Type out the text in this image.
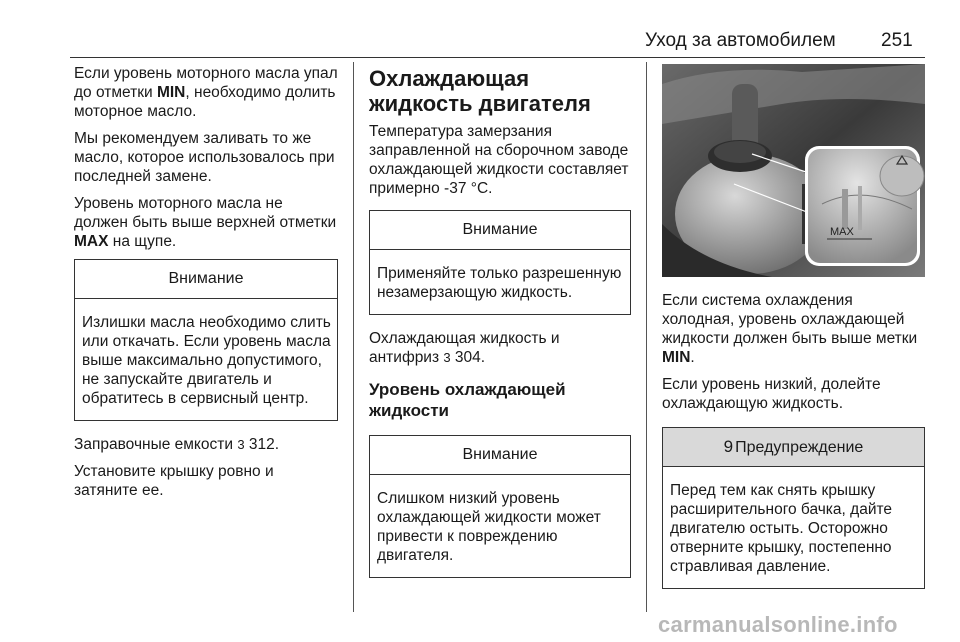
Уход за автомобилем 251

Если уровень моторного масла упал до отметки MIN, необходимо долить моторное масло.

Мы рекомендуем заливать то же масло, которое использовалось при последней замене.

Уровень моторного масла не должен быть выше верхней отметки MAX на щупе.

Внимание
Излишки масла необходимо слить или откачать. Если уровень масла выше максимально допустимого, не запускайте двигатель и обратитесь в сервисный центр.

Заправочные емкости 3 312.

Установите крышку ровно и затяните ее.

Охлаждающая жидкость двигателя

Температура замерзания заправленной на сборочном заводе охлаждающей жидкости составляет примерно -37 °C.

Внимание
Применяйте только разрешенную незамерзающую жидкость.

Охлаждающая жидкость и антифриз 3 304.

Уровень охлаждающей жидкости
Внимание
Слишком низкий уровень охлаждающей жидкости может привести к повреждению двигателя.
MAX

Если система охлаждения холодная, уровень охлаждающей жидкости должен быть выше метки MIN.

Если уровень низкий, долейте охлаждающую жидкость.

9 Предупреждение
Перед тем как снять крышку расширительного бачка, дайте двигателю остыть. Осторожно отверните крышку, постепенно стравливая давление.
carmanualsonline.info
